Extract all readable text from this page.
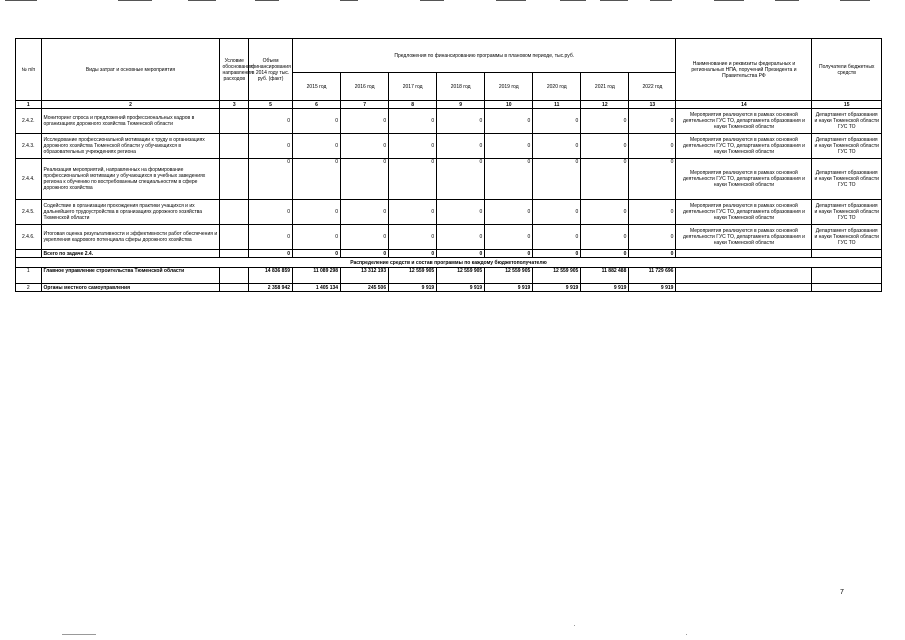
№ п/п	Виды затрат и основные мероприятия	Условие обоснования направления расходов	Объем финансирования в 2014 году тыс. руб. (факт)	Предложения по финансированию программы в плановом периоде, тыс.руб.								Наименование и реквизиты федеральных и региональных НПА, поручений Президента и Правительства РФ	Получатели бюджетных средств
				2015 год	2016 год	2017 год	2018 год	2019 год	2020 год	2021 год	2022 год		
1	2	3	5	6	7	8	9	10	11	12	13	14	15
2.4.2.	Мониторинг спроса и предложений профессиональных кадров в организациях дорожного хозяйства Тюменской области		0	0	0	0	0	0	0	0	0	Мероприятия реализуются в рамках основной деятельности ГУС ТО, департамента образования и науки Тюменской области	Департамент образования и науки Тюменской области ГУС ТО
2.4.3.	Исследование профессиональной мотивации к труду в организациях дорожного хозяйства Тюменской области у обучающихся в образовательных учреждениях региона		0	0	0	0	0	0	0	0	0	Мероприятия реализуются в рамках основной деятельности ГУС ТО, департамента образования и науки Тюменской области	Департамент образования и науки Тюменской области ГУС ТО
2.4.4.	Реализация мероприятий, направленных на формирование профессиональной мотивации у обучающихся в учебных заведениях региона к обучению по востребованным специальностям в сфере дорожного хозяйства		0	0	0	0	0	0	0	0	0	Мероприятия реализуются в рамках основной деятельности ГУС ТО, департамента образования и науки Тюменской области	Департамент образования и науки Тюменской области ГУС ТО
2.4.5.	Содействие в организации прохождения практики учащихся и их дальнейшего трудоустройства в организациях дорожного хозяйства Тюменской области		0	0	0	0	0	0	0	0	0	Мероприятия реализуются в рамках основной деятельности ГУС ТО, департамента образования и науки Тюменской области	Департамент образования и науки Тюменской области ГУС ТО
2.4.6.	Итоговая оценка результативности и эффективности работ обеспечения и укрепления кадрового потенциала сферы дорожного хозяйства		0	0	0	0	0	0	0	0	0	Мероприятия реализуются в рамках основной деятельности ГУС ТО, департамента образования и науки Тюменской области	Департамент образования и науки Тюменской области ГУС ТО
	Всего по задаче 2.4.		0	0	0	0	0	0	0	0	0		
Распределение средств и состав программы по каждому бюджетополучателю													
1	Главное управление строительства Тюменской области		14 836 859	11 089 298	13 312 193	12 559 905	12 559 905	12 559 905	12 559 905	11 882 488	11 729 696		
2	Органы местного самоуправления		2 358 942	1 405 134	245 506	9 919	9 919	9 919	9 919	9 919	9 919		
7
